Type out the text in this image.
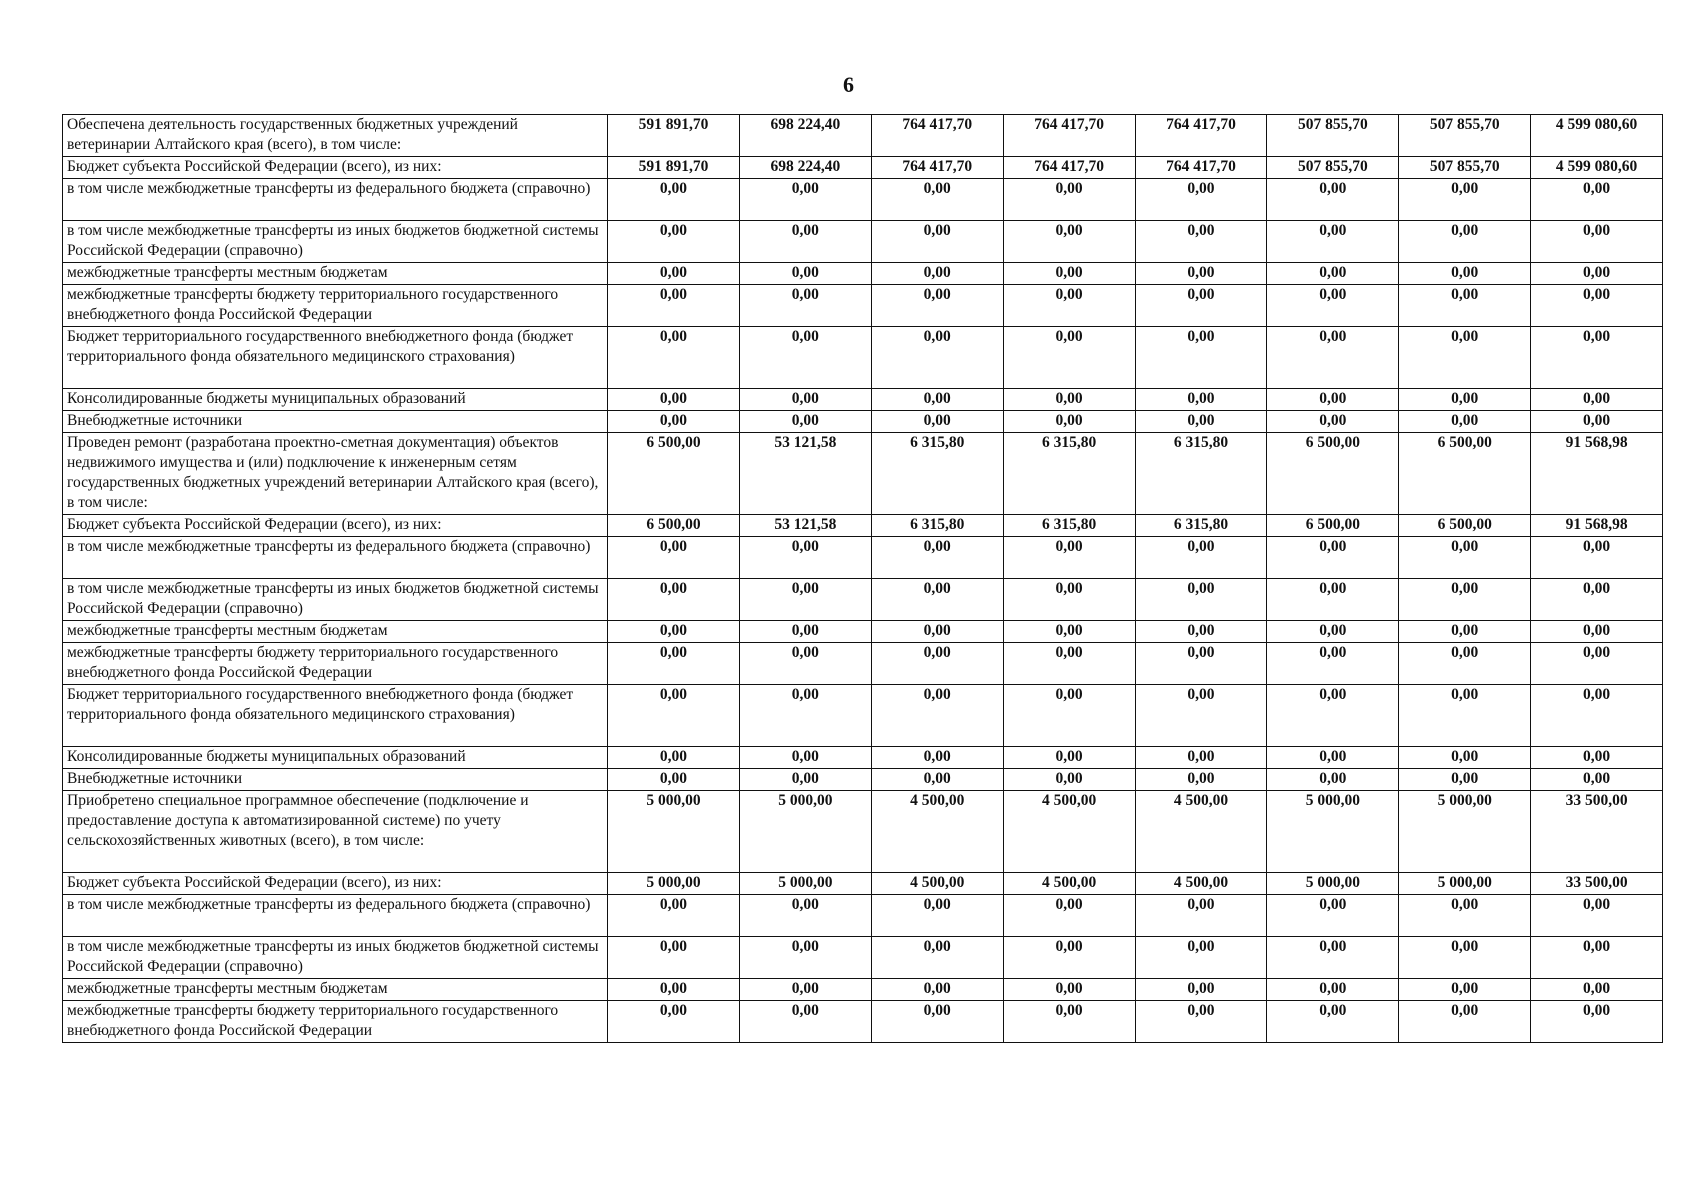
6
Обеспечена деятельность государственных бюджетных учреждений ветеринарии Алтайского края (всего), в том числе:	591 891,70	698 224,40	764 417,70	764 417,70	764 417,70	507 855,70	507 855,70	4 599 080,60
Бюджет субъекта Российской Федерации (всего), из них:	591 891,70	698 224,40	764 417,70	764 417,70	764 417,70	507 855,70	507 855,70	4 599 080,60
в том числе межбюджетные трансферты из федерального бюджета (справочно)	0,00	0,00	0,00	0,00	0,00	0,00	0,00	0,00
в том числе межбюджетные трансферты из иных бюджетов бюджетной системы Российской Федерации (справочно)	0,00	0,00	0,00	0,00	0,00	0,00	0,00	0,00
межбюджетные трансферты местным бюджетам	0,00	0,00	0,00	0,00	0,00	0,00	0,00	0,00
межбюджетные трансферты бюджету территориального государственного внебюджетного фонда Российской Федерации	0,00	0,00	0,00	0,00	0,00	0,00	0,00	0,00
Бюджет территориального государственного внебюджетного фонда (бюджет территориального фонда обязательного медицинского страхования)	0,00	0,00	0,00	0,00	0,00	0,00	0,00	0,00
Консолидированные бюджеты муниципальных образований	0,00	0,00	0,00	0,00	0,00	0,00	0,00	0,00
Внебюджетные источники	0,00	0,00	0,00	0,00	0,00	0,00	0,00	0,00
Проведен ремонт (разработана проектно-сметная документация) объектов недвижимого имущества и (или) подключение к инженерным сетям государственных бюджетных учреждений ветеринарии Алтайского края (всего), в том числе:	6 500,00	53 121,58	6 315,80	6 315,80	6 315,80	6 500,00	6 500,00	91 568,98
Бюджет субъекта Российской Федерации (всего), из них:	6 500,00	53 121,58	6 315,80	6 315,80	6 315,80	6 500,00	6 500,00	91 568,98
в том числе межбюджетные трансферты из федерального бюджета (справочно)	0,00	0,00	0,00	0,00	0,00	0,00	0,00	0,00
в том числе межбюджетные трансферты из иных бюджетов бюджетной системы Российской Федерации (справочно)	0,00	0,00	0,00	0,00	0,00	0,00	0,00	0,00
межбюджетные трансферты местным бюджетам	0,00	0,00	0,00	0,00	0,00	0,00	0,00	0,00
межбюджетные трансферты бюджету территориального государственного внебюджетного фонда Российской Федерации	0,00	0,00	0,00	0,00	0,00	0,00	0,00	0,00
Бюджет территориального государственного внебюджетного фонда (бюджет территориального фонда обязательного медицинского страхования)	0,00	0,00	0,00	0,00	0,00	0,00	0,00	0,00
Консолидированные бюджеты муниципальных образований	0,00	0,00	0,00	0,00	0,00	0,00	0,00	0,00
Внебюджетные источники	0,00	0,00	0,00	0,00	0,00	0,00	0,00	0,00
Приобретено специальное программное обеспечение (подключение и предоставление доступа к автоматизированной системе) по учету сельскохозяйственных животных (всего), в том числе:	5 000,00	5 000,00	4 500,00	4 500,00	4 500,00	5 000,00	5 000,00	33 500,00
Бюджет субъекта Российской Федерации (всего), из них:	5 000,00	5 000,00	4 500,00	4 500,00	4 500,00	5 000,00	5 000,00	33 500,00
в том числе межбюджетные трансферты из федерального бюджета (справочно)	0,00	0,00	0,00	0,00	0,00	0,00	0,00	0,00
в том числе межбюджетные трансферты из иных бюджетов бюджетной системы Российской Федерации (справочно)	0,00	0,00	0,00	0,00	0,00	0,00	0,00	0,00
межбюджетные трансферты местным бюджетам	0,00	0,00	0,00	0,00	0,00	0,00	0,00	0,00
межбюджетные трансферты бюджету территориального государственного внебюджетного фонда Российской Федерации	0,00	0,00	0,00	0,00	0,00	0,00	0,00	0,00
